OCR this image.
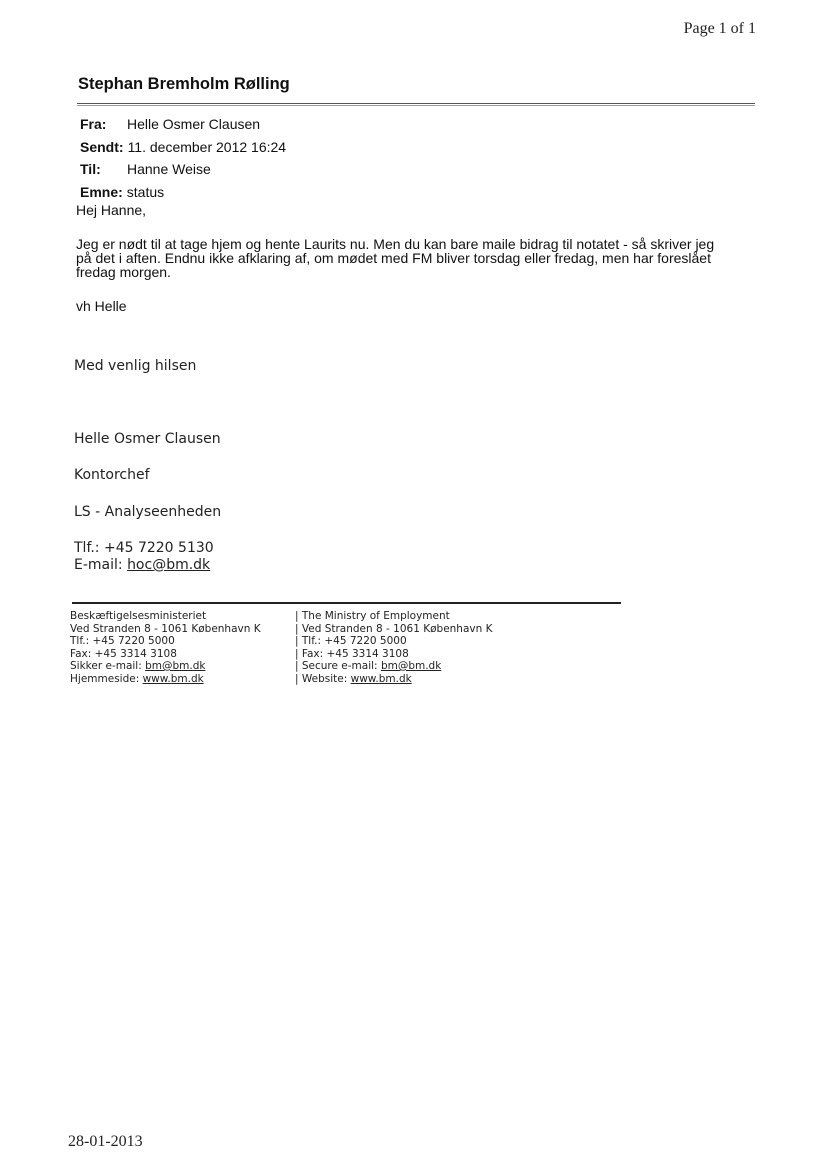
Page 1 of 1
Stephan Bremholm Rølling
Fra:	Helle Osmer Clausen
Sendt: 11. december 2012 16:24
Til:	Hanne Weise
Emne: status

Hej Hanne,

Jeg er nødt til at tage hjem og hente Laurits nu. Men du kan bare maile bidrag til notatet - så skriver jeg

på det i aften. Endnu ikke afklaring af, om mødet med FM bliver torsdag eller fredag, men har foreslået

fredag morgen.

vh Helle

Med venlig hilsen
Helle Osmer Clausen
Kontorchef
LS - Analyseenheden
Tlf.: +45 7220 5130
E-mail: hoc@bm.dk
Beskæftigelsesministeriet
Ved Stranden 8 - 1061 København K
Tlf.: +45 7220 5000
Fax: +45 3314 3108
Sikker e-mail: bm@bm.dk
Hjemmeside: www.bm.dk
| The Ministry of Employment
| Ved Stranden 8 - 1061 København K
| Tlf.: +45 7220 5000
| Fax: +45 3314 3108
| Secure e-mail: bm@bm.dk
| Website: www.bm.dk
28-01-2013
